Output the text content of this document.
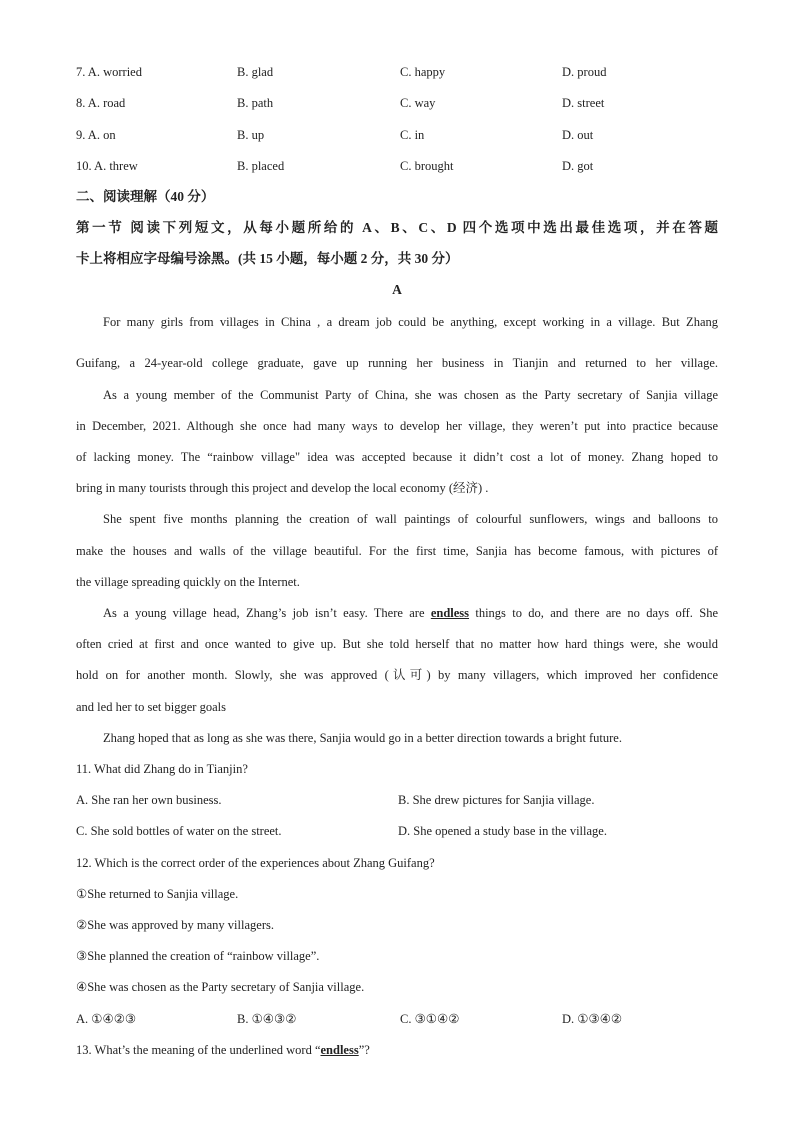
7. A. worried	B. glad	C. happy	D. proud
8. A. road	B. path	C. way	D. street
9. A. on	B. up	C. in	D. out
10. A. threw	B. placed	C. brought	D. got
二、阅读理解（40 分）
第一节 阅读下列短文，从每小题所给的 A、B、C、D 四个选项中选出最佳选项，并在答题
卡上将相应字母编号涂黑。(共 15 小题，每小题 2 分，共 30 分）
A
For many girls from villages in China , a dream job could be anything, except working in a village. But Zhang
Guifang, a 24-year-old college graduate, gave up running her business in Tianjin and returned to her village.
As a young member of the Communist Party of China, she was chosen as the Party secretary of Sanjia village
in December, 2021. Although she once had many ways to develop her village, they weren’t put into practice because
of lacking money. The “rainbow village" idea was accepted because it didn’t cost a lot of money. Zhang hoped to
bring in many tourists through this project and develop the local economy (经济) .
She spent five months planning the creation of wall paintings of colourful sunflowers, wings and balloons to
make the houses and walls of the village beautiful. For the first time, Sanjia has become famous, with pictures of
the village spreading quickly on the Internet.
As a young village head, Zhang’s job isn’t easy. There are endless things to do, and there are no days off. She
often cried at first and once wanted to give up. But she told herself that no matter how hard things were, she would
hold on for another month. Slowly, she was approved (认可) by many villagers, which improved her confidence
and led her to set bigger goals
Zhang hoped that as long as she was there, Sanjia would go in a better direction towards a bright future.
11. What did Zhang do in Tianjin?
A. She ran her own business.	B. She drew pictures for Sanjia village.
C. She sold bottles of water on the street.	D. She opened a study base in the village.
12. Which is the correct order of the experiences about Zhang Guifang?
①She returned to Sanjia village.
②She was approved by many villagers.
③She planned the creation of “rainbow village”.
④She was chosen as the Party secretary of Sanjia village.
A. ①④②③	B. ①④③②	C. ③①④②	D. ①③④②
13. What’s the meaning of the underlined word “endless”?
